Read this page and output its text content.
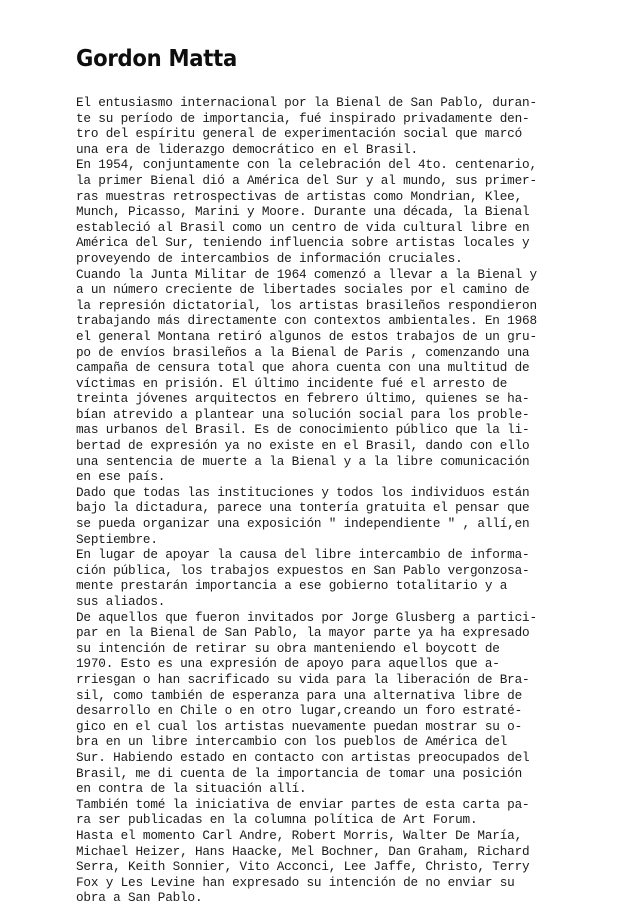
Gordon Matta
El entusiasmo internacional por la Bienal de San Pablo, duran-
te su período de importancia, fué inspirado privadamente den-
tro del espíritu general de experimentación social que marcó
una era de liderazgo democrático en el Brasil.
En 1954, conjuntamente con la celebración del 4to. centenario,
la primer Bienal dió a América del Sur y al mundo, sus primer-
ras muestras retrospectivas de artistas como Mondrian, Klee,
Munch, Picasso, Marini y Moore. Durante una década, la Bienal
estableció al Brasil como un centro de vida cultural libre en
América del Sur, teniendo influencia sobre artistas locales y
proveyendo de intercambios de información cruciales.
Cuando la Junta Militar de 1964 comenzó a llevar a la Bienal y
a un número creciente de libertades sociales por el camino de
la represión dictatorial, los artistas brasileños respondieron
trabajando más directamente con contextos ambientales. En 1968
el general Montana retiró algunos de estos trabajos de un gru-
po de envíos brasileños a la Bienal de Paris , comenzando una
campaña de censura total que ahora cuenta con una multitud de
víctimas en prisión. El último incidente fué el arresto de
treinta jóvenes arquitectos en febrero último, quienes se ha-
bían atrevido a plantear una solución social para los proble-
mas urbanos del Brasil. Es de conocimiento público que la li-
bertad de expresión ya no existe en el Brasil, dando con ello
una sentencia de muerte a la Bienal y a la libre comunicación
en ese país.
Dado que todas las instituciones y todos los individuos están
bajo la dictadura, parece una tontería gratuita el pensar que
se pueda organizar una exposición " independiente " , allí,en
Septiembre.
En lugar de apoyar la causa del libre intercambio de informa-
ción pública, los trabajos expuestos en San Pablo vergonzosa-
mente prestarán importancia a ese gobierno totalitario y a
sus aliados.
De aquellos que fueron invitados por Jorge Glusberg a partici-
par en la Bienal de San Pablo, la mayor parte ya ha expresado
su intención de retirar su obra manteniendo el boycott de
1970. Esto es una expresión de apoyo para aquellos que a-
rriesgan o han sacrificado su vida para la liberación de Bra-
sil, como también de esperanza para una alternativa libre de
desarrollo en Chile o en otro lugar,creando un foro estraté-
gico en el cual los artistas nuevamente puedan mostrar su o-
bra en un libre intercambio con los pueblos de América del
Sur. Habiendo estado en contacto con artistas preocupados del
Brasil, me di cuenta de la importancia de tomar una posición
en contra de la situación allí.
También tomé la iniciativa de enviar partes de esta carta pa-
ra ser publicadas en la columna política de Art Forum.
Hasta el momento Carl Andre, Robert Morris, Walter De María,
Michael Heizer, Hans Haacke, Mel Bochner, Dan Graham, Richard
Serra, Keith Sonnier, Vito Acconci, Lee Jaffe, Christo, Terry
Fox y Les Levine han expresado su intención de no enviar su
obra a San Pablo.
